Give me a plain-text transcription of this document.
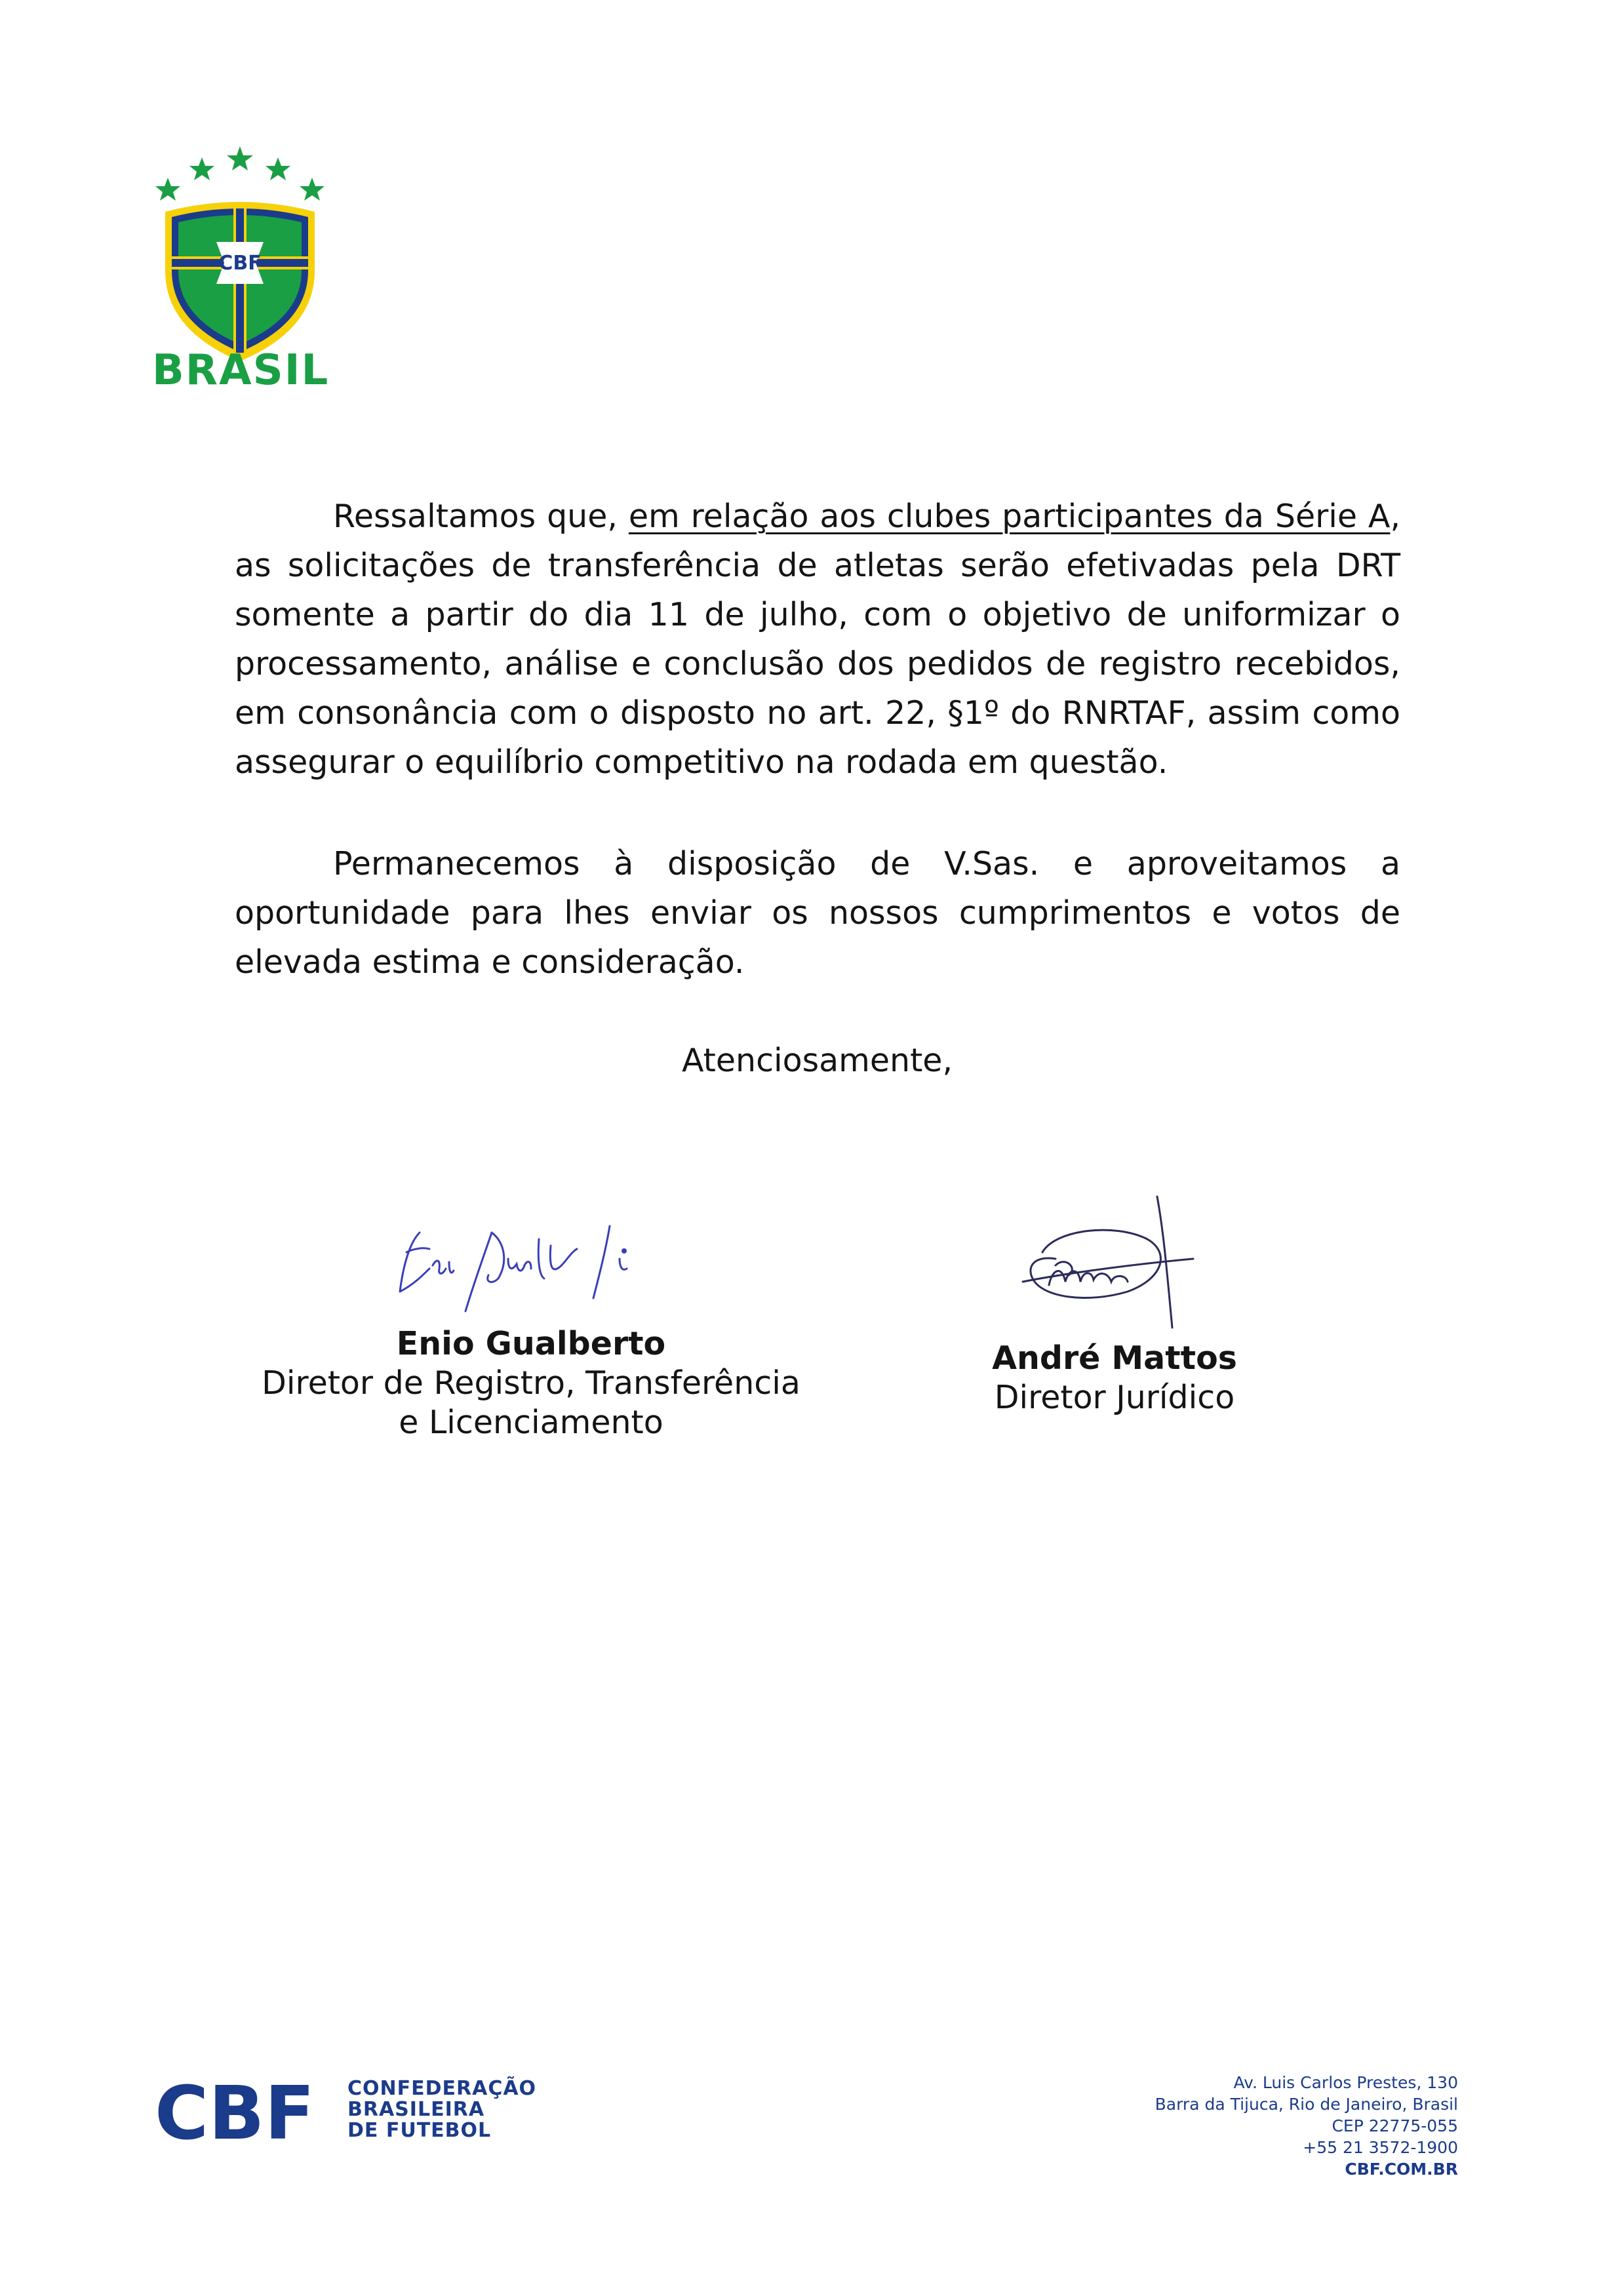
CBF
BRASIL
Ressaltamos que, em relação aos clubes participantes da Série A, as solicitações de transferência de atletas serão efetivadas pela DRT somente a partir do dia 11 de julho, com o objetivo de uniformizar o processamento, análise e conclusão dos pedidos de registro recebidos, em consonância com o disposto no art. 22, §1º do RNRTAF, assim como assegurar o equilíbrio competitivo na rodada em questão.
Permanecemos à disposição de V.Sas. e aproveitamos a oportunidade para lhes enviar os nossos cumprimentos e votos de elevada estima e consideração.
Atenciosamente,
Enio Gualberto
Diretor de Registro, Transferência
e Licenciamento
André Mattos
Diretor Jurídico
CBF CONFEDERAÇÃO
BRASILEIRA
DE FUTEBOL
Av. Luis Carlos Prestes, 130
Barra da Tijuca, Rio de Janeiro, Brasil
CEP 22775-055
+55 21 3572-1900
CBF.COM.BR
